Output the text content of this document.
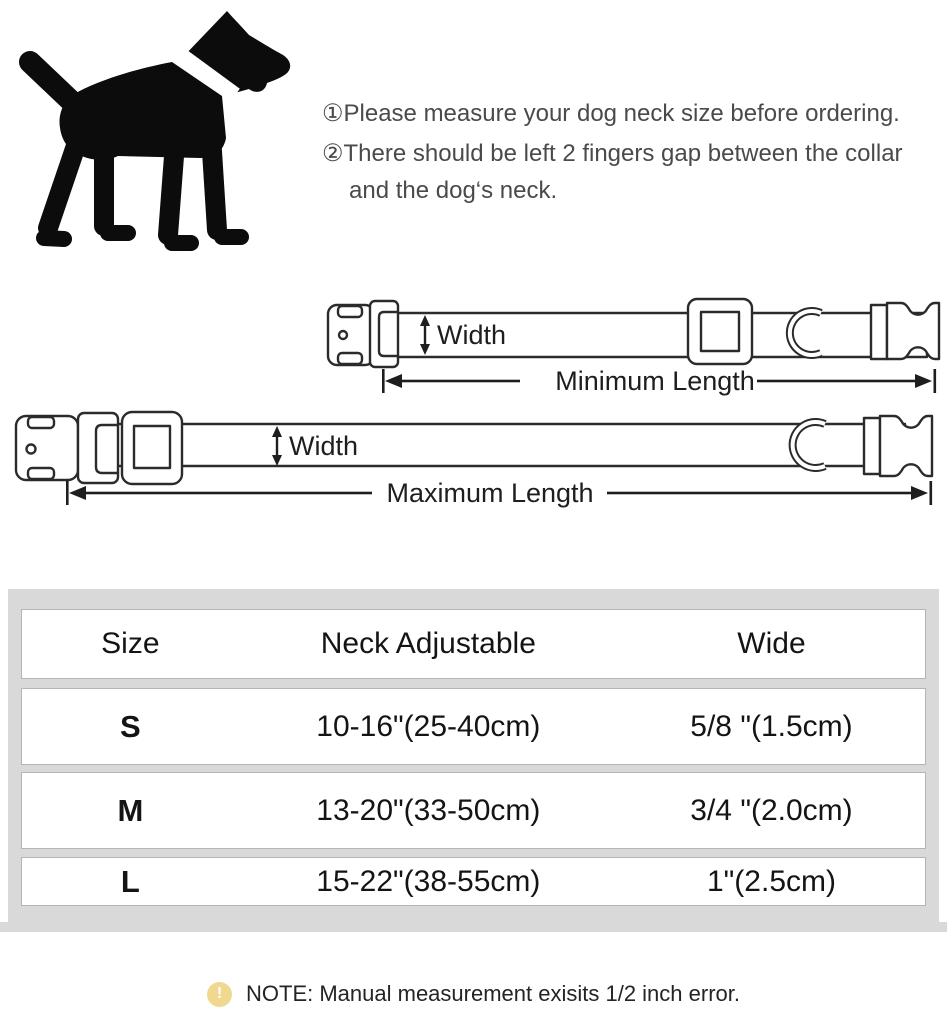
①Please measure your dog neck size before ordering.
②There should be left 2 fingers gap between the collar and the dog‘s neck.
Width
Minimum Length
Width
Maximum Length
Size	Neck Adjustable	Wide
S	10-16"(25-40cm)	5/8 "(1.5cm)
M	13-20"(33-50cm)	3/4 "(2.0cm)
L	15-22"(38-55cm)	1"(2.5cm)
!	NOTE: Manual measurement exisits 1/2 inch error.
